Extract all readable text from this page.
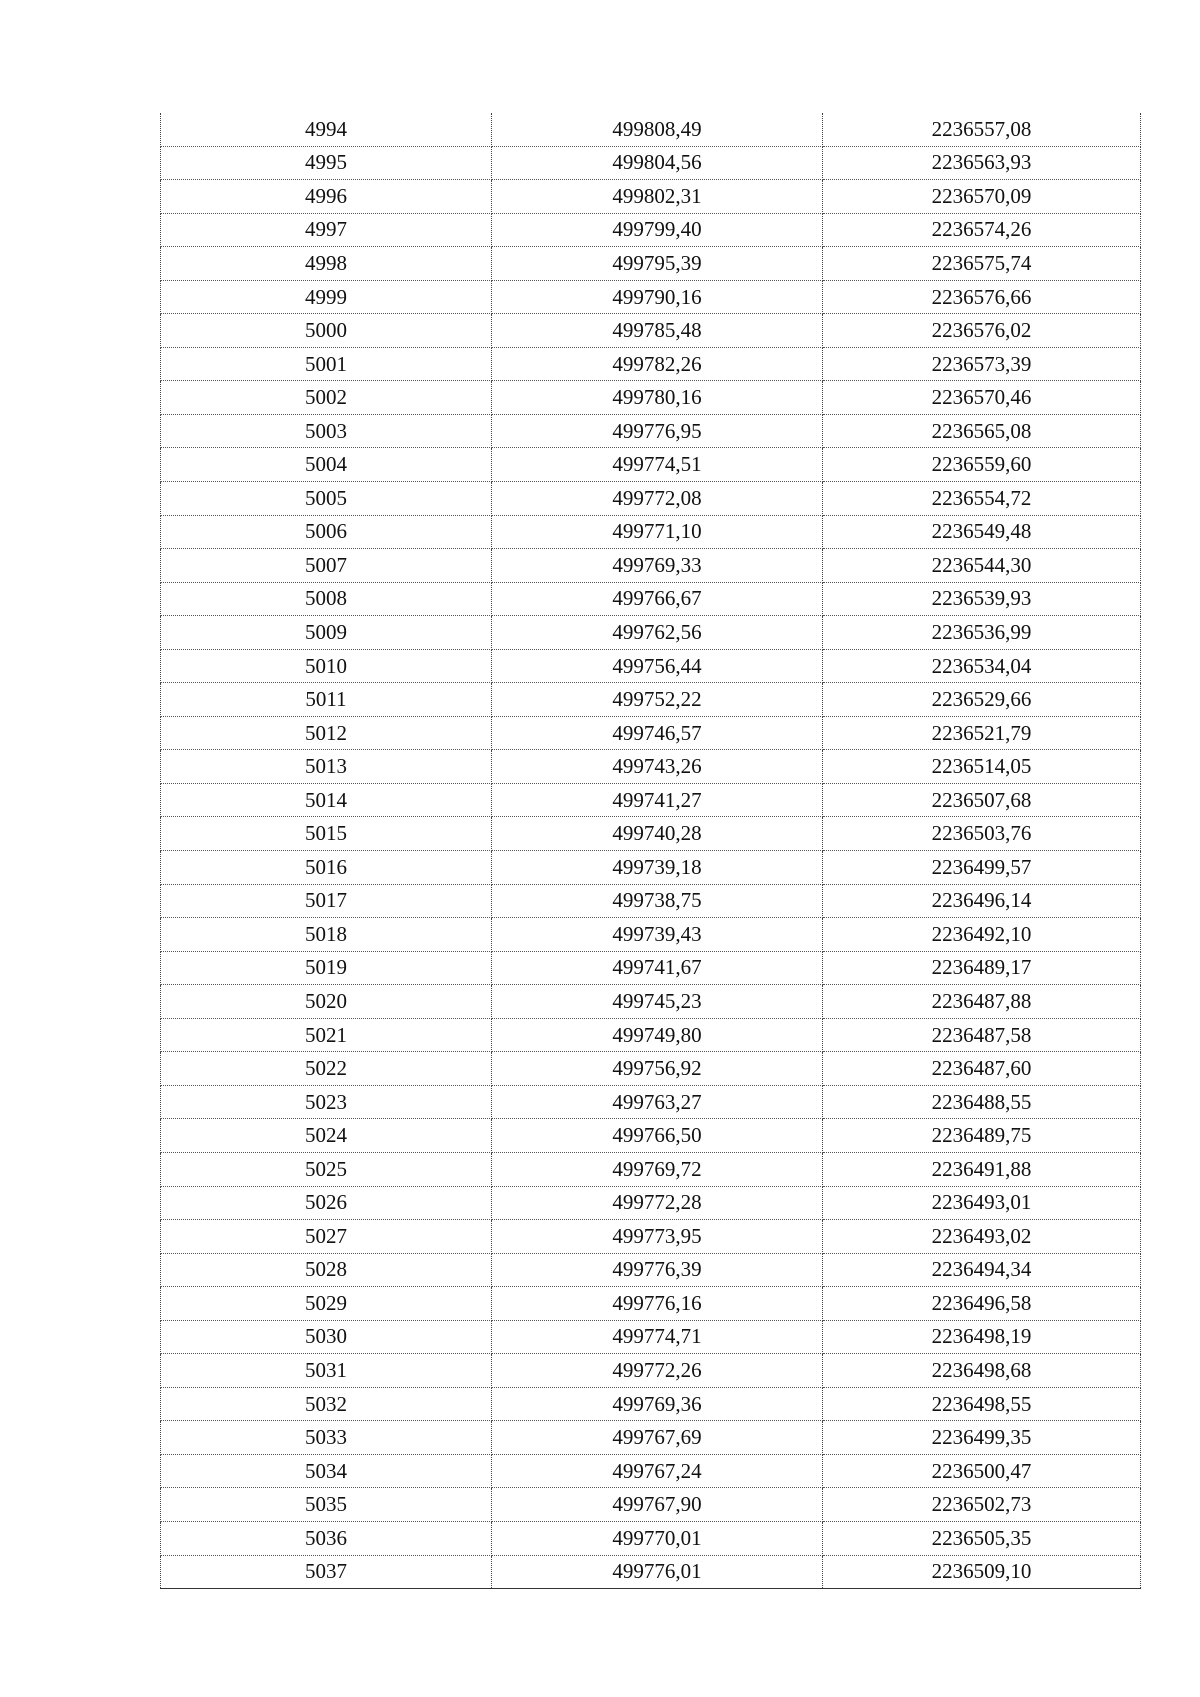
4994	499808,49	2236557,08
4995	499804,56	2236563,93
4996	499802,31	2236570,09
4997	499799,40	2236574,26
4998	499795,39	2236575,74
4999	499790,16	2236576,66
5000	499785,48	2236576,02
5001	499782,26	2236573,39
5002	499780,16	2236570,46
5003	499776,95	2236565,08
5004	499774,51	2236559,60
5005	499772,08	2236554,72
5006	499771,10	2236549,48
5007	499769,33	2236544,30
5008	499766,67	2236539,93
5009	499762,56	2236536,99
5010	499756,44	2236534,04
5011	499752,22	2236529,66
5012	499746,57	2236521,79
5013	499743,26	2236514,05
5014	499741,27	2236507,68
5015	499740,28	2236503,76
5016	499739,18	2236499,57
5017	499738,75	2236496,14
5018	499739,43	2236492,10
5019	499741,67	2236489,17
5020	499745,23	2236487,88
5021	499749,80	2236487,58
5022	499756,92	2236487,60
5023	499763,27	2236488,55
5024	499766,50	2236489,75
5025	499769,72	2236491,88
5026	499772,28	2236493,01
5027	499773,95	2236493,02
5028	499776,39	2236494,34
5029	499776,16	2236496,58
5030	499774,71	2236498,19
5031	499772,26	2236498,68
5032	499769,36	2236498,55
5033	499767,69	2236499,35
5034	499767,24	2236500,47
5035	499767,90	2236502,73
5036	499770,01	2236505,35
5037	499776,01	2236509,10
